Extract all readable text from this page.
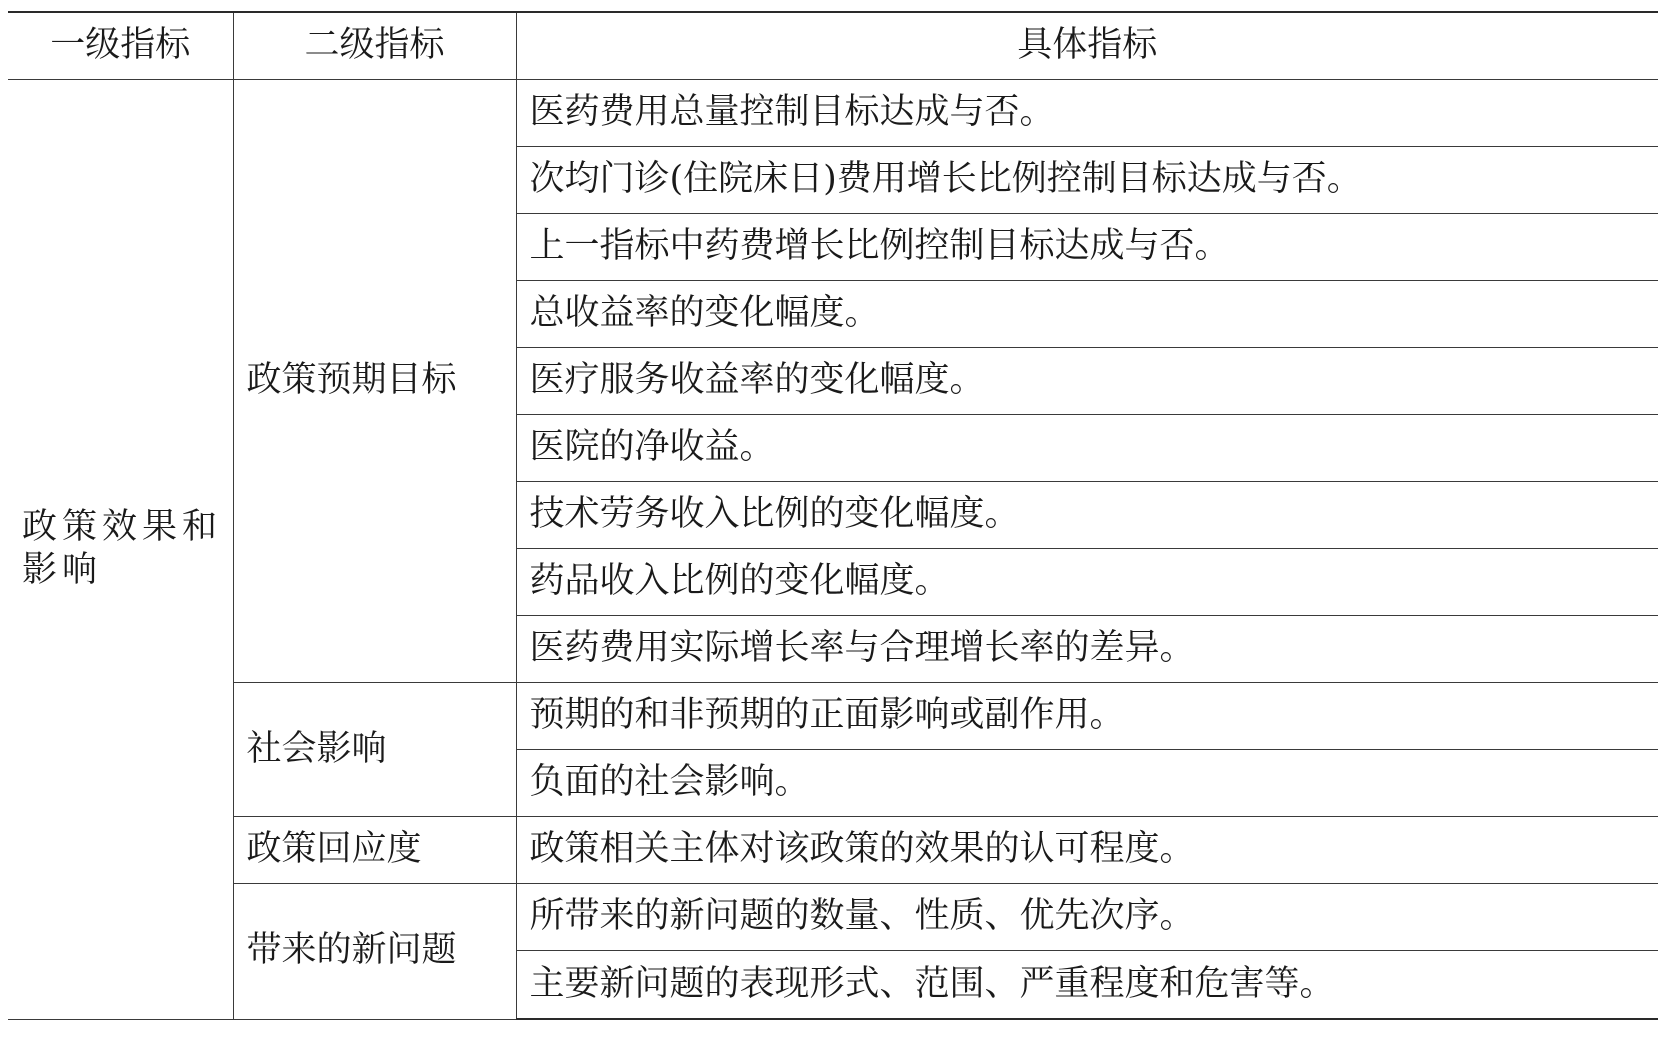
一级指标	二级指标	具体指标
政策效果和影响	政策预期目标	医药费用总量控制目标达成与否。
		次均门诊(住院床日)费用增长比例控制目标达成与否。
		上一指标中药费增长比例控制目标达成与否。
		总收益率的变化幅度。
		医疗服务收益率的变化幅度。
		医院的净收益。
		技术劳务收入比例的变化幅度。
		药品收入比例的变化幅度。
		医药费用实际增长率与合理增长率的差异。
	社会影响	预期的和非预期的正面影响或副作用。
		负面的社会影响。
	政策回应度	政策相关主体对该政策的效果的认可程度。
	带来的新问题	所带来的新问题的数量、性质、优先次序。
		主要新问题的表现形式、范围、严重程度和危害等。
